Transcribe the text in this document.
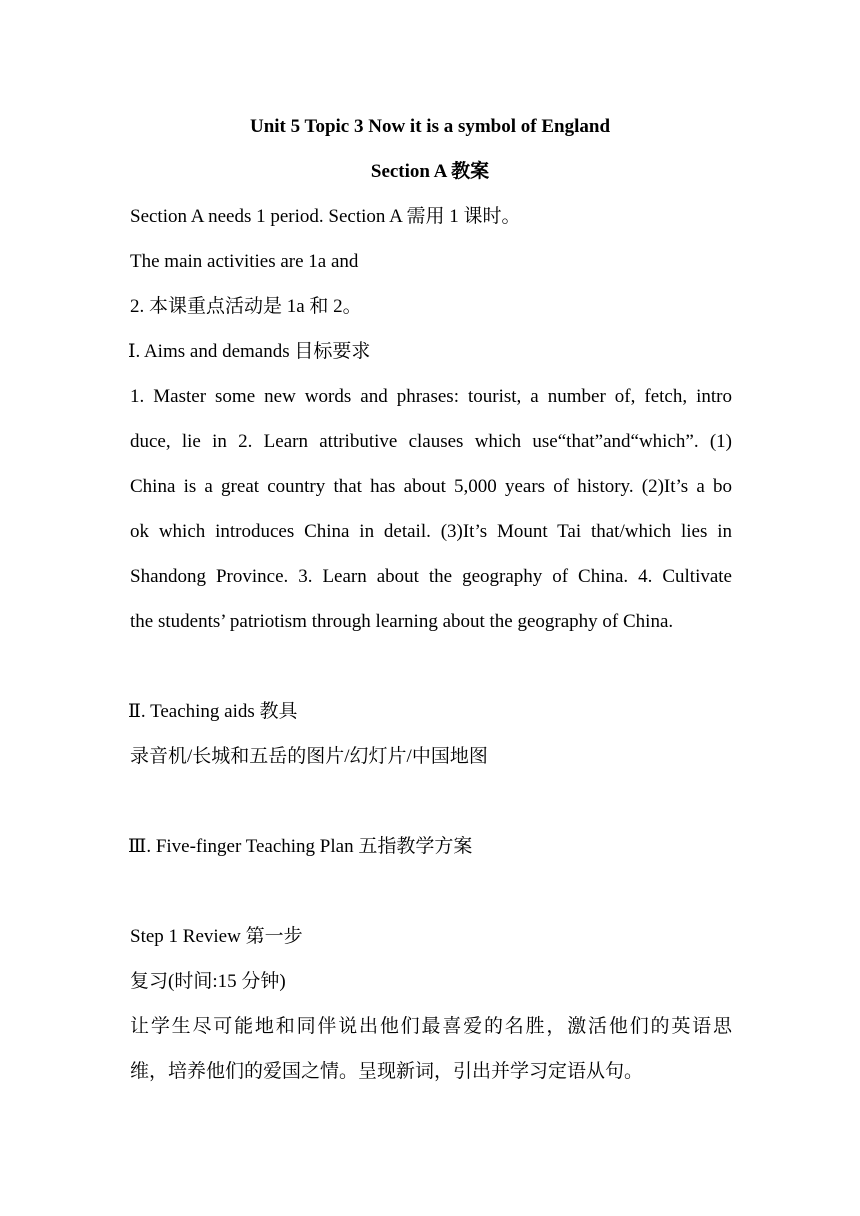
Unit 5 Topic 3 Now it is a symbol of England
Section A 教案
Section A needs 1 period. Section A 需用 1 课时。
The main activities are 1a and
2. 本课重点活动是 1a 和 2。
Ⅰ. Aims and demands 目标要求
1. Master some new words and phrases: tourist, a number of, fetch, intro
duce, lie in 2. Learn attributive clauses which use“that”and“which”. (1)
China is a great country that has about 5,000 years of history. (2)It’s a bo
ok which introduces China in detail. (3)It’s Mount Tai that/which lies in
Shandong Province. 3. Learn about the geography of China. 4. Cultivate
the students’ patriotism through learning about the geography of China.
Ⅱ. Teaching aids 教具
录音机/长城和五岳的图片/幻灯片/中国地图
Ⅲ. Five-finger Teaching Plan 五指教学方案
Step 1 Review 第一步
复习(时间:15 分钟)
让学生尽可能地和同伴说出他们最喜爱的名胜，激活他们的英语思
维，培养他们的爱国之情。呈现新词，引出并学习定语从句。
